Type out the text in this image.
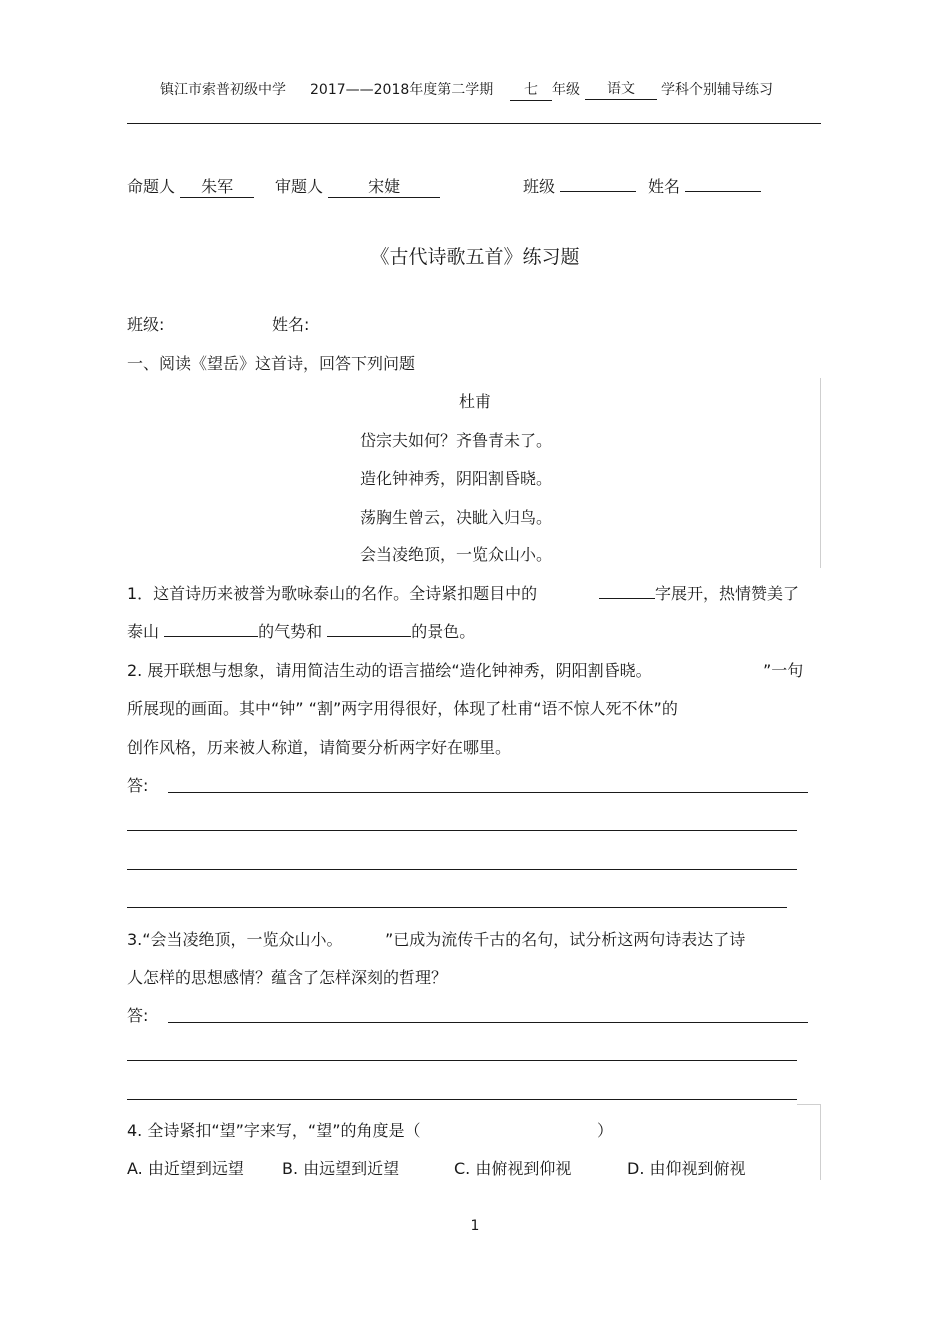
镇江市索普初级中学 2017——2018年度第二学期	七 年级	语文	学科个别辅导练习
命题人 朱军	审题人	宋婕	班级	姓名
《古代诗歌五首》练习题
班级:	姓名:
一、阅读《望岳》这首诗，回答下列问题
杜甫
岱宗夫如何？齐鲁青未了。
造化钟神秀，阴阳割昏晓。
荡胸生曾云，决眦入归鸟。
会当凌绝顶，一览众山小。
1．这首诗历来被誉为歌咏泰山的名作。全诗紧扣题目中的	字展开，热情赞美了
泰山	的气势和	的景色。
2. 展开联想与想象，请用简洁生动的语言描绘“造化钟神秀，阴阳割昏晓。	”一句
所展现的画面。其中“钟” “割”两字用得很好，体现了杜甫“语不惊人死不休”的
创作风格，历来被人称道，请简要分析两字好在哪里。
答:
3.“会当凌绝顶，一览众山小。	”已成为流传千古的名句，试分析这两句诗表达了诗
人怎样的思想感情？蕴含了怎样深刻的哲理？
答:
4. 全诗紧扣“望”字来写，“望”的角度是（	）
A. 由近望到远望 B. 由远望到近望	C. 由俯视到仰视	D. 由仰视到俯视
1
